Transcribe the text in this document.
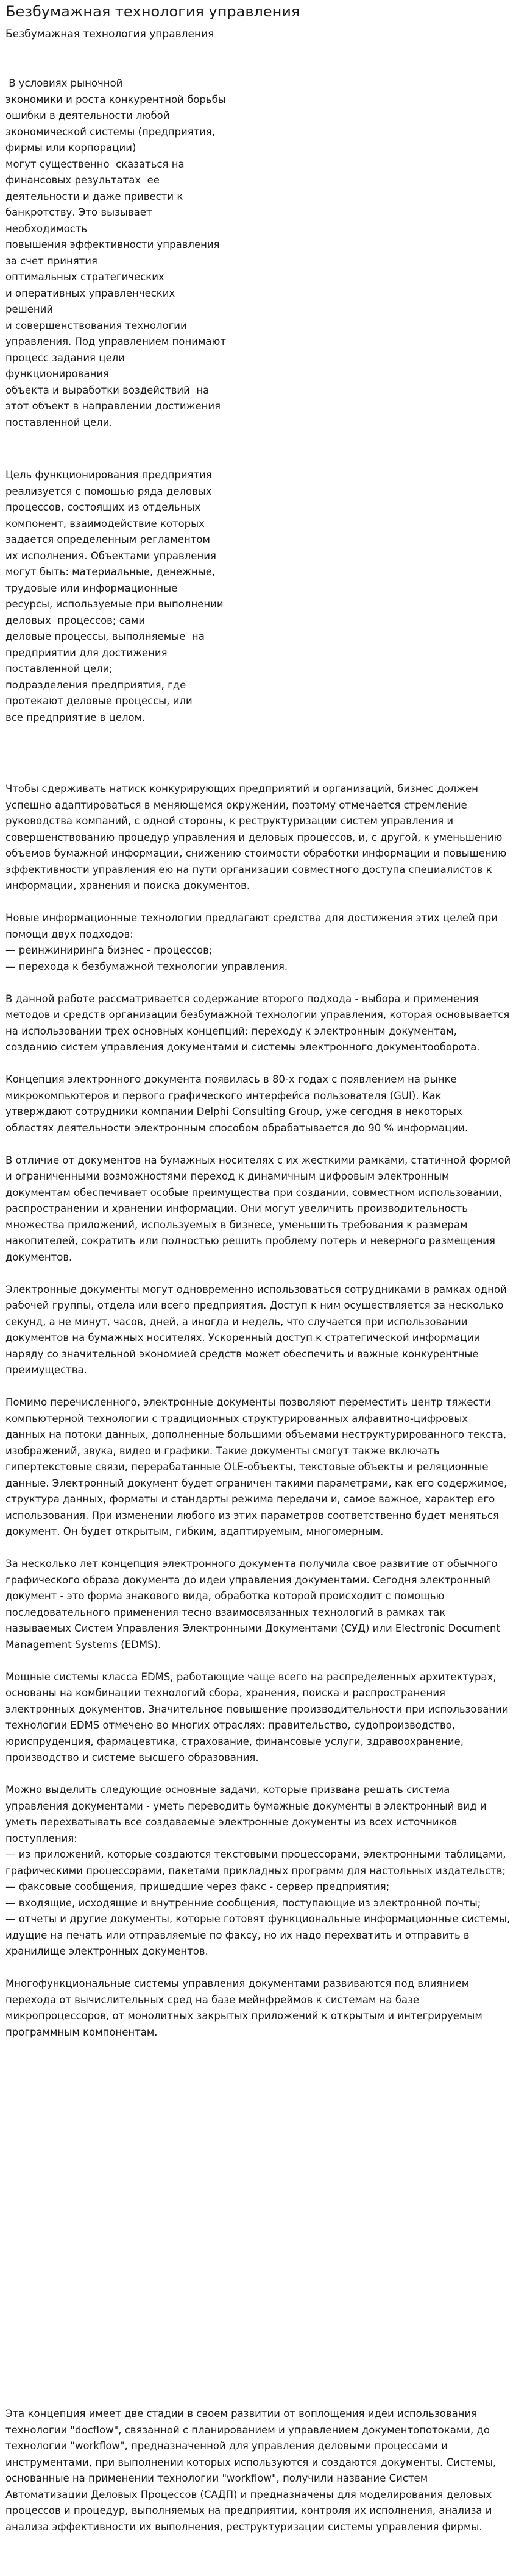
Безбумажная технология управления
Безбумажная технология управления

В условиях рыночной

экономики и роста конкурентной борьбы

ошибки в деятельности любой

экономической системы (предприятия,

фирмы или корпорации)

могут существенно  сказаться на

финансовых результатах  ее

деятельности и даже привести к

банкротству. Это вызывает

необходимость

повышения эффективности управления

за счет принятия

оптимальных стратегических

и оперативных управленческих

решений

и совершенствования технологии

управления. Под управлением понимают

процесс задания цели

функционирования

объекта и выработки воздействий  на

этот объект в направлении достижения

поставленной цели.

Цель функционирования предприятия

реализуется с помощью ряда деловых

процессов, состоящих из отдельных

компонент, взаимодействие которых

задается определенным регламентом

их исполнения. Объектами управления

могут быть: материальные, денежные,

трудовые или информационные

ресурсы, используемые при выполнении

деловых  процессов; сами

деловые процессы, выполняемые  на

предприятии для достижения

поставленной цели;

подразделения предприятия, где

протекают деловые процессы, или

все предприятие в целом.

Чтобы сдерживать натиск конкурирующих предприятий и организаций, бизнес должен успешно адаптироваться в меняющемся окружении, поэтому отмечается стремление руководства компаний, с одной стороны, к реструктуризации систем управления и совершенствованию процедур управления и деловых процессов, и, с другой, к уменьшению объемов бумажной информации, снижению стоимости обработки информации и повышению эффективности управления ею на пути организации совместного доступа специалистов к информации, хранения и поиска документов.

Новые информационные технологии предлагают средства для достижения этих целей при помощи двух подходов:
— реинжиниринга бизнес - процессов;
— перехода к безбумажной технологии управления.

В данной работе рассматривается содержание второго подхода - выбора и применения методов и средств организации безбумажной технологии управления, которая основывается на использовании трех основных концепций: переходу к электронным документам, созданию систем управления документами и системы электронного документооборота.

Концепция электронного документа появилась в 80-х годах с появлением на рынке микрокомпьютеров и первого графического интерфейса пользователя (GUI). Как утверждают сотрудники компании Delphi Consulting Group, уже сегодня в некоторых областях деятельности электронным способом обрабатывается до 90 % информации.

В отличие от документов на бумажных носителях с их жесткими рамками, статичной формой и ограниченными возможностями переход к динамичным цифровым электронным документам обеспечивает особые преимущества при создании, совместном использовании, распространении и хранении информации. Они могут увеличить производительность множества приложений, используемых в бизнесе, уменьшить требования к размерам накопителей, сократить или полностью решить проблему потерь и неверного размещения документов.

Электронные документы могут одновременно использоваться сотрудниками в рамках одной рабочей группы, отдела или всего предприятия. Доступ к ним осуществляется за несколько секунд, а не минут, часов, дней, а иногда и недель, что случается при использовании документов на бумажных носителях. Ускоренный доступ к стратегической информации наряду со значительной экономией средств может обеспечить и важные конкурентные преимущества.

Помимо перечисленного, электронные документы позволяют переместить центр тяжести компьютерной технологии с традиционных структурированных алфавитно-цифровых данных на потоки данных, дополненные большими объемами неструктурированного текста, изображений, звука, видео и графики. Такие документы смогут также включать гипертекстовые связи, перерабатанные OLE-объекты, текстовые объекты и реляционные данные. Электронный документ будет ограничен такими параметрами, как его содержимое, структура данных, форматы и стандарты режима передачи и, самое важное, характер его использования. При изменении любого из этих параметров соответственно будет меняться документ. Он будет открытым, гибким, адаптируемым, многомерным.

За несколько лет концепция электронного документа получила свое развитие от обычного графического образа документа до идеи управления документами. Сегодня электронный документ - это форма знакового вида, обработка которой происходит с помощью последовательного применения тесно взаимосвязанных технологий в рамках так называемых Систем Управления Электронными Документами (СУД) или Electronic Document Management Systems (EDMS).

Мощные системы класса EDMS, работающие чаще всего на распределенных архитектурах, основаны на комбинации технологий сбора, хранения, поиска и распространения электронных документов. Значительное повышение производительности при использовании технологии EDMS отмечено во многих отраслях: правительство, судопроизводство, юриспруденция, фармацевтика, страхование, финансовые услуги, здравоохранение, производство и системе высшего образования.

Можно выделить следующие основные задачи, которые призвана решать система управления документами - уметь переводить бумажные документы в электронный вид и уметь перехватывать все создаваемые электронные документы из всех источников поступления:
— из приложений, которые создаются текстовыми процессорами, электронными таблицами, графическими процессорами, пакетами прикладных программ для настольных издательств;
— факсовые сообщения, пришедшие через факс - сервер предприятия;
— входящие, исходящие и внутренние сообщения, поступающие из электронной почты;
— отчеты и другие документы, которые готовят функциональные информационные системы, идущие на печать или отправляемые по факсу, но их надо перехватить и отправить в хранилище электронных документов.

Многофункциональные системы управления документами развиваются под влиянием перехода от вычислительных сред на базе мейнфреймов к системам на базе микропроцессоров, от монолитных закрытых приложений к открытым и интегрируемым программным компонентам.

Эта концепция имеет две стадии в своем развитии от воплощения идеи использования технологии "docflow", связанной с планированием и управлением документопотоками, до технологии "workflow", предназначенной для управления деловыми процессами и инструментами, при выполнении которых используются и создаются документы. Системы, основанные на применении технологии "workflow", получили название Систем Автоматизации Деловых Процессов (САДП) и предназначены для моделирования деловых процессов и процедур, выполняемых на предприятии, контроля их исполнения, анализа и анализа эффективности их выполнения, реструктуризации системы управления фирмы.
